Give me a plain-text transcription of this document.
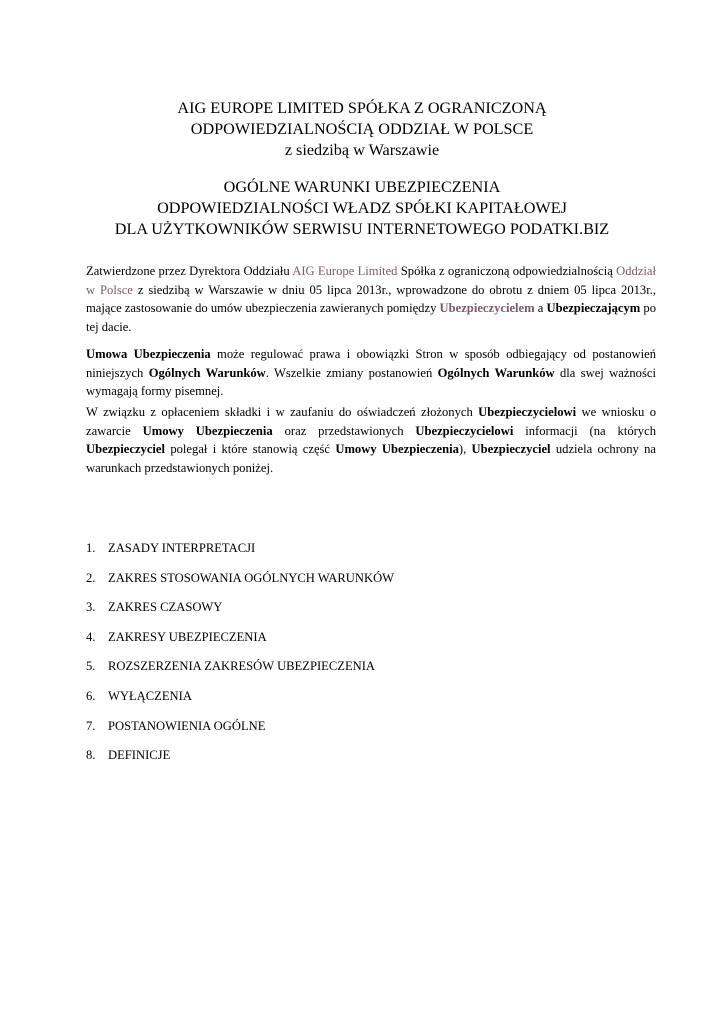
AIG EUROPE LIMITED SPÓŁKA Z OGRANICZONĄ
ODPOWIEDZIALNOŚCIĄ ODDZIAŁ W POLSCE
z siedzibą w Warszawie
OGÓLNE WARUNKI UBEZPIECZENIA
ODPOWIEDZIALNOŚCI WŁADZ SPÓŁKI KAPITAŁOWEJ
DLA UŻYTKOWNIKÓW SERWISU INTERNETOWEGO PODATKI.BIZ
Zatwierdzone przez Dyrektora Oddziału AIG Europe Limited Spółka z ograniczoną odpowiedzialnością Oddział w Polsce z siedzibą w Warszawie w dniu 05 lipca 2013r., wprowadzone do obrotu z dniem 05 lipca 2013r., mające zastosowanie do umów ubezpieczenia zawieranych pomiędzy Ubezpieczycielem a Ubezpieczającym po tej dacie.
Umowa Ubezpieczenia może regulować prawa i obowiązki Stron w sposób odbiegający od postanowień niniejszych Ogólnych Warunków. Wszelkie zmiany postanowień Ogólnych Warunków dla swej ważności wymagają formy pisemnej.
W związku z opłaceniem składki i w zaufaniu do oświadczeń złożonych Ubezpieczycielowi we wniosku o zawarcie Umowy Ubezpieczenia oraz przedstawionych Ubezpieczycielowi informacji (na których Ubezpieczyciel polegał i które stanowią część Umowy Ubezpieczenia), Ubezpieczyciel udziela ochrony na warunkach przedstawionych poniżej.
1. ZASADY INTERPRETACJI
2. ZAKRES STOSOWANIA OGÓLNYCH WARUNKÓW
3. ZAKRES CZASOWY
4. ZAKRESY UBEZPIECZENIA
5. ROZSZERZENIA ZAKRESÓW UBEZPIECZENIA
6. WYŁĄCZENIA
7. POSTANOWIENIA OGÓLNE
8. DEFINICJE
